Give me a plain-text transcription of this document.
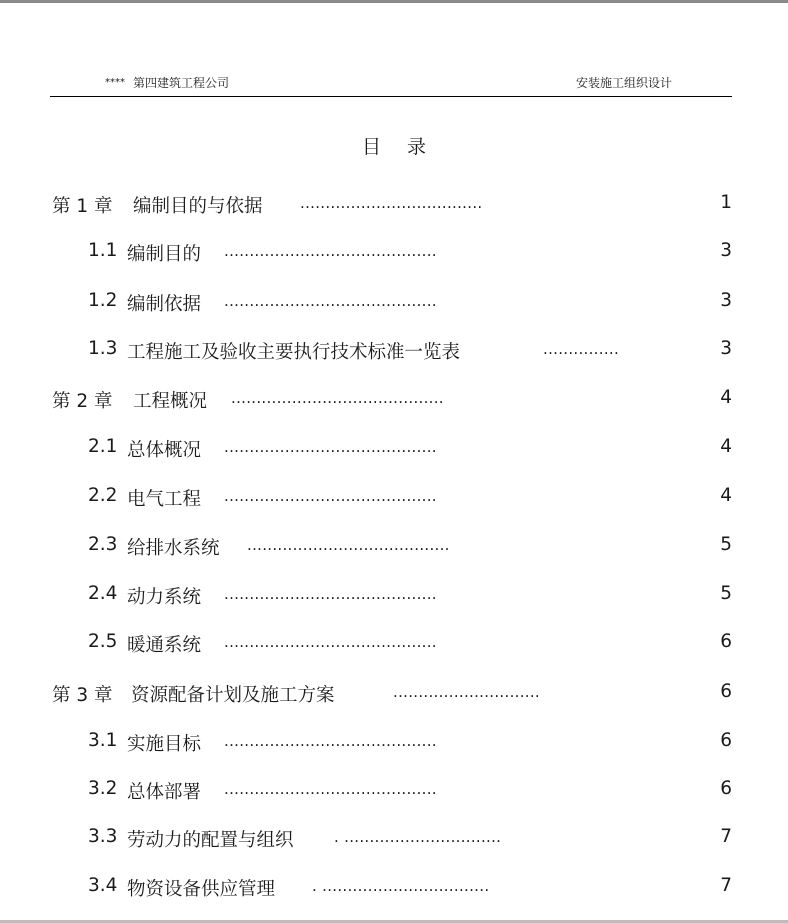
**** 第四建筑工程公司	安装施工组织设计
目录
第 1 章 编制目的与依据 ....................................	1
1.1 编制目的 ..........................................	3
1.2 编制依据 ..........................................	3
1.3 工程施工及验收主要执行技术标准一览表	...............	3
第 2 章 工程概况 ..........................................	4
2.1 总体概况 ..........................................	4
2.2 电气工程 ..........................................	4
2.3 给排水系统 ........................................	5
2.4 动力系统 ..........................................	5
2.5 暖通系统 ..........................................	6
第 3 章 资源配备计划及施工方案	.............................	6
3.1 实施目标 ..........................................	6
3.2 总体部署 ..........................................	6
3.3 劳动力的配置与组织	. ...............................	7
3.4 物资设备供应管理 . .................................	7
